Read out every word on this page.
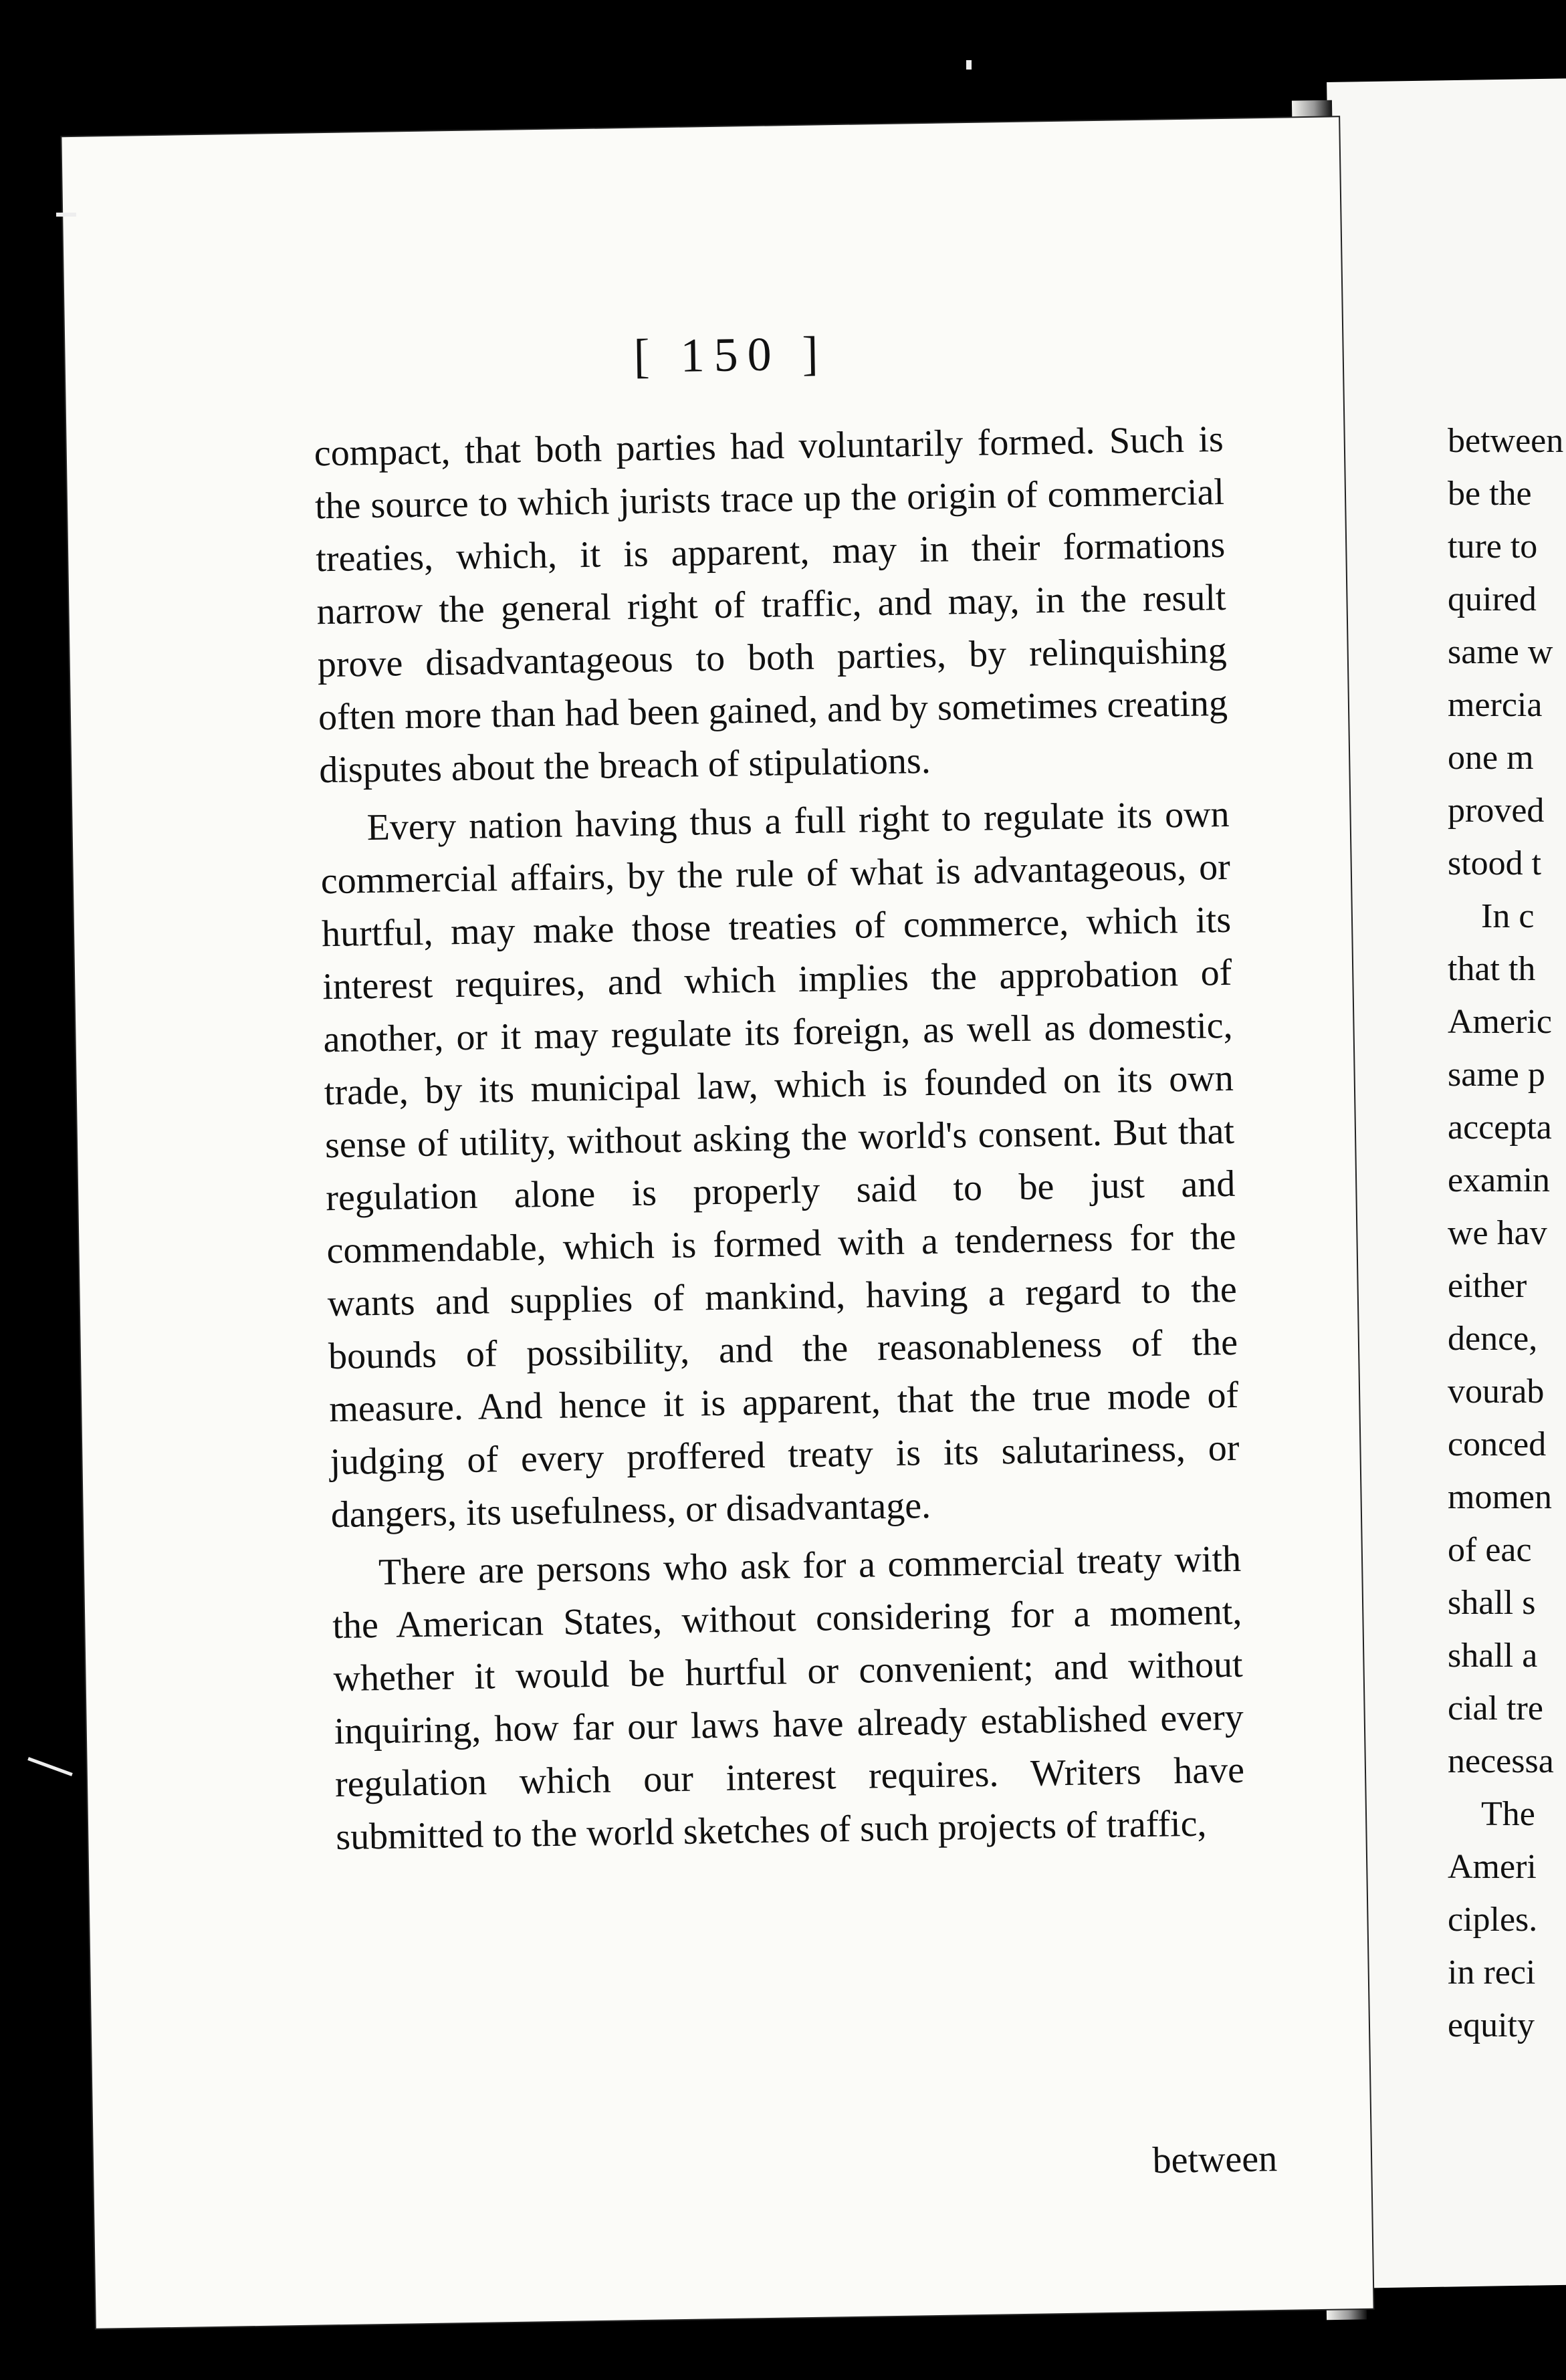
between
be the
ture to
quired
same w
mercia
one m
proved
stood t
In c
that th
Americ
same p
accepta
examin
we hav
either
dence,
vourab
conced
momen
of eac
shall s
shall a
cial tre
necessa
The
Ameri
ciples.
in reci
equity
[ 150 ]

compact, that both parties had voluntarily formed. Such is the source to which jurists trace up the origin of commercial treaties, which, it is apparent, may in their formations narrow the general right of traffic, and may, in the result prove disadvantageous to both parties, by relinquishing often more than had been gained, and by sometimes creating disputes about the breach of stipulations.

Every nation having thus a full right to regulate its own commercial affairs, by the rule of what is advantageous, or hurtful, may make those treaties of commerce, which its interest requires, and which implies the approbation of another, or it may regulate its foreign, as well as domestic, trade, by its municipal law, which is founded on its own sense of utility, without asking the world's consent. But that regulation alone is properly said to be just and commendable, which is formed with a tenderness for the wants and supplies of mankind, having a regard to the bounds of possibility, and the reasonableness of the measure. And hence it is apparent, that the true mode of judging of every proffered treaty is its salutariness, or dangers, its usefulness, or disadvantage.

There are persons who ask for a commercial treaty with the American States, without considering for a moment, whether it would be hurtful or convenient; and without inquiring, how far our laws have already established every regulation which our interest requires. Writers have submitted to the world sketches of such projects of traffic,

between
